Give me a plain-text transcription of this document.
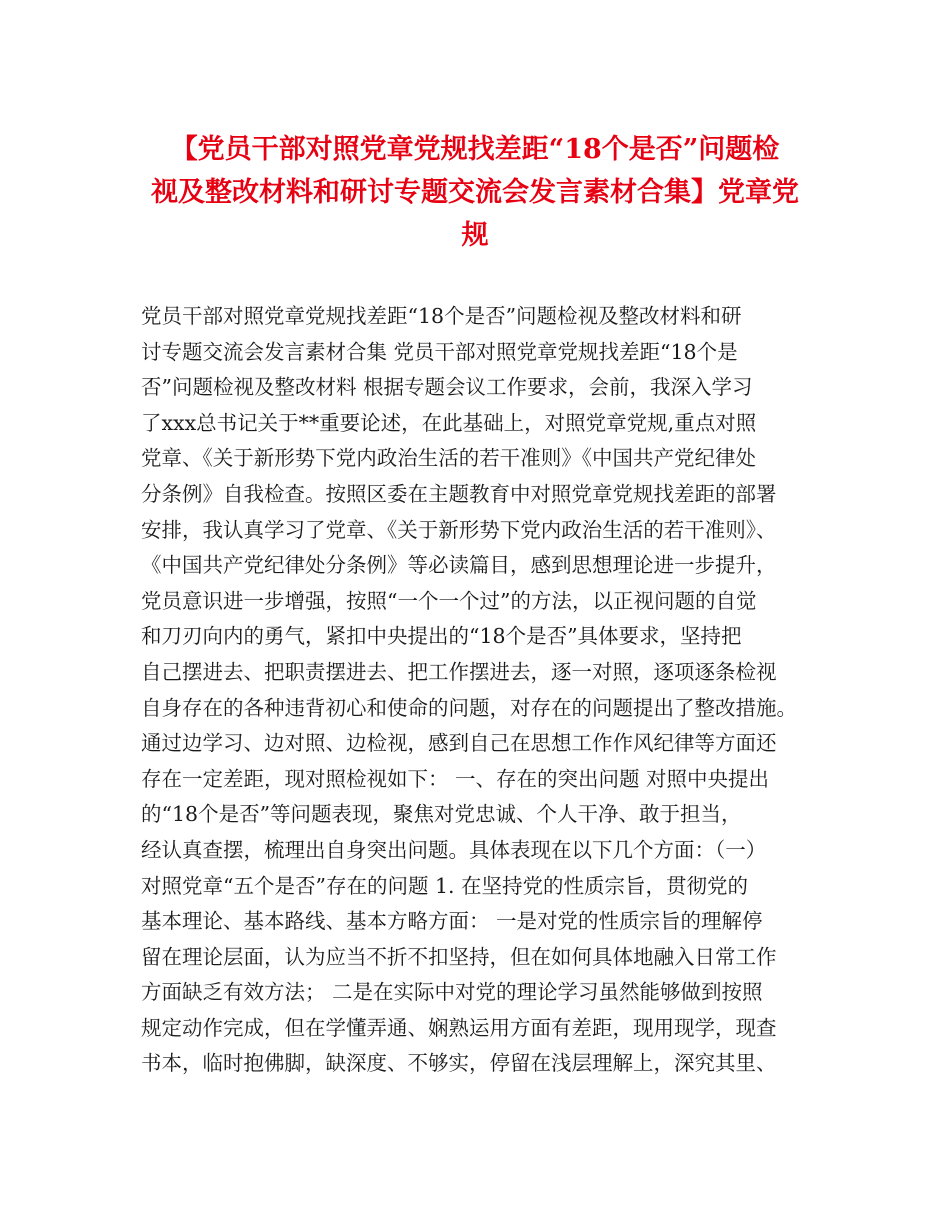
【党员干部对照党章党规找差距“18个是否”问题检
视及整改材料和研讨专题交流会发言素材合集】党章党
规
党员干部对照党章党规找差距“18个是否”问题检视及整改材料和研
讨专题交流会发言素材合集 党员干部对照党章党规找差距“18个是
否”问题检视及整改材料 根据专题会议工作要求，会前，我深入学习
了xxx总书记关于**重要论述，在此基础上，对照党章党规,重点对照
党章、《关于新形势下党内政治生活的若干准则》《中国共产党纪律处
分条例》自我检查。按照区委在主题教育中对照党章党规找差距的部署
安排，我认真学习了党章、《关于新形势下党内政治生活的若干准则》、
《中国共产党纪律处分条例》等必读篇目，感到思想理论进一步提升，
党员意识进一步增强，按照“一个一个过”的方法，以正视问题的自觉
和刀刃向内的勇气，紧扣中央提出的“18个是否”具体要求，坚持把
自己摆进去、把职责摆进去、把工作摆进去，逐一对照，逐项逐条检视
自身存在的各种违背初心和使命的问题，对存在的问题提出了整改措施。
通过边学习、边对照、边检视，感到自己在思想工作作风纪律等方面还
存在一定差距，现对照检视如下： 一、存在的突出问题 对照中央提出
的“18个是否”等问题表现，聚焦对党忠诚、个人干净、敢于担当，
经认真查摆，梳理出自身突出问题。具体表现在以下几个方面：（一）
对照党章“五个是否”存在的问题 1. 在坚持党的性质宗旨，贯彻党的
基本理论、基本路线、基本方略方面： 一是对党的性质宗旨的理解停
留在理论层面，认为应当不折不扣坚持，但在如何具体地融入日常工作
方面缺乏有效方法； 二是在实际中对党的理论学习虽然能够做到按照
规定动作完成，但在学懂弄通、娴熟运用方面有差距，现用现学，现查
书本，临时抱佛脚，缺深度、不够实，停留在浅层理解上，深究其里、
